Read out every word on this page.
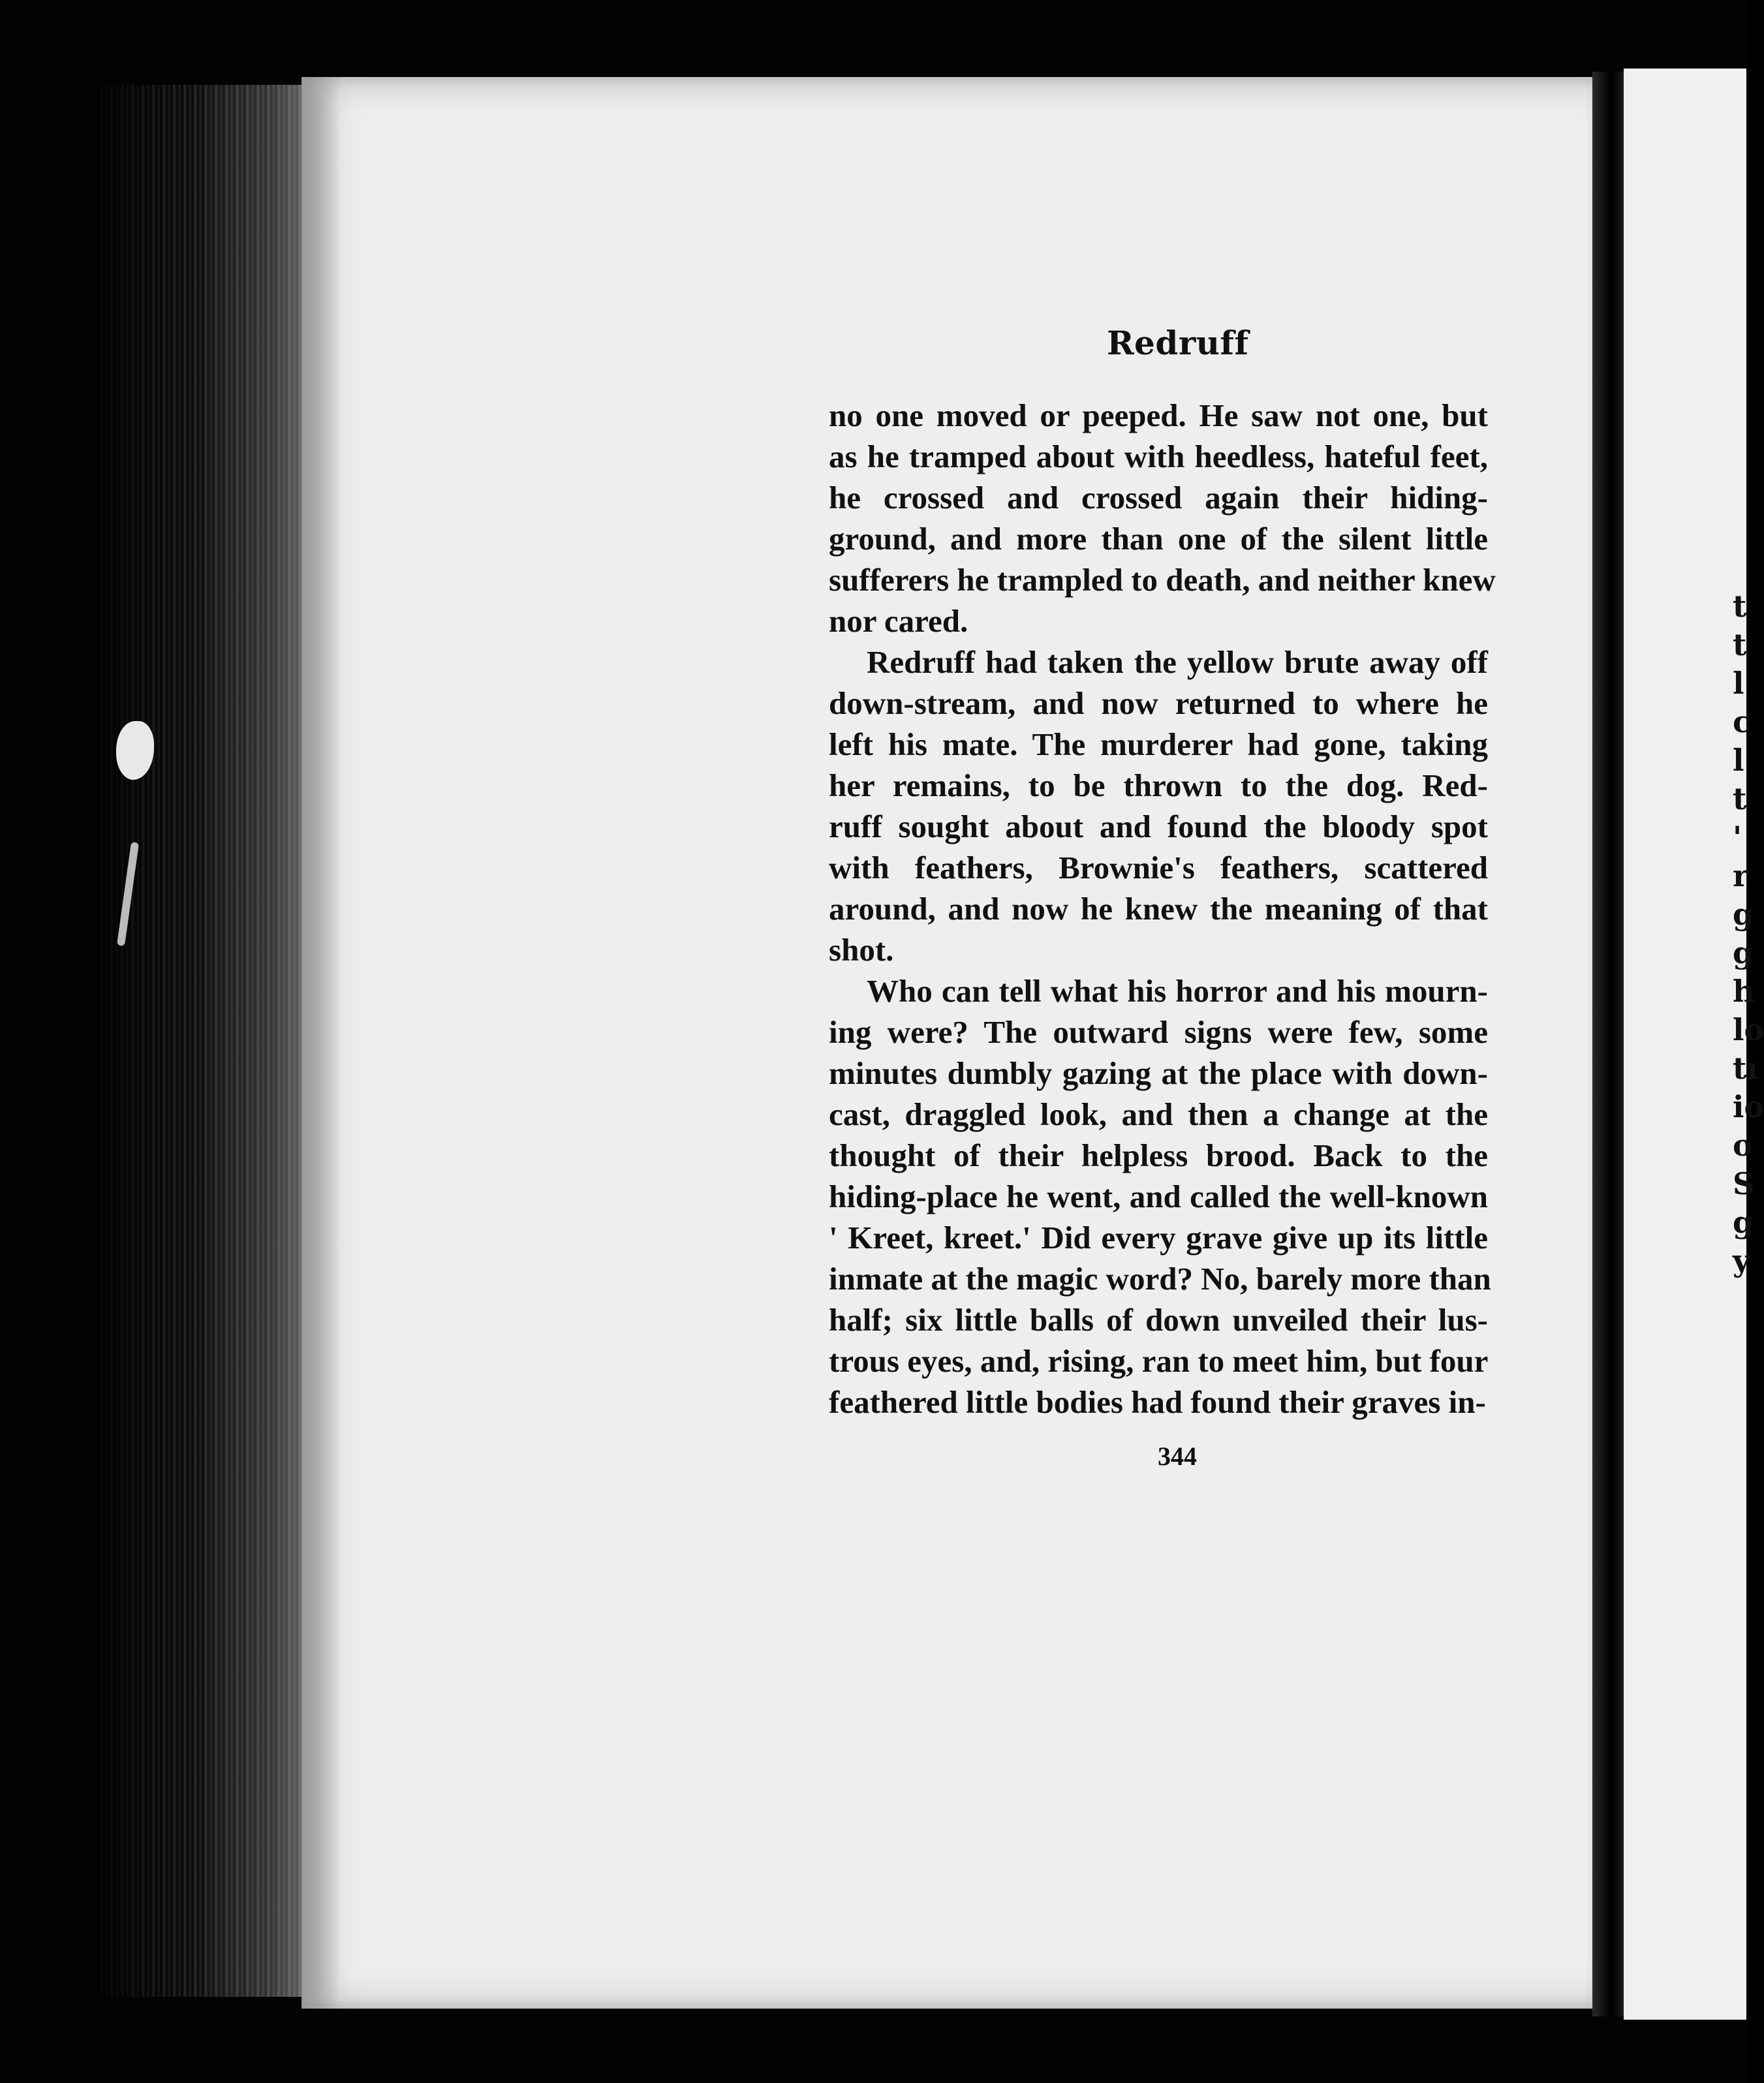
t
t
l
c
l
t
'
r
g
g
h
lo
tı
io
o
S
g
y
Redruff

no one moved or peeped. He saw not one, but
as he tramped about with heedless, hateful feet,
he crossed and crossed again their hiding-
ground, and more than one of the silent little
sufferers he trampled to death, and neither knew
nor cared.

Redruff had taken the yellow brute away off
down-stream, and now returned to where he
left his mate. The murderer had gone, taking
her remains, to be thrown to the dog. Red-
ruff sought about and found the bloody spot
with feathers, Brownie's feathers, scattered
around, and now he knew the meaning of that
shot.

Who can tell what his horror and his mourn-
ing were? The outward signs were few, some
minutes dumbly gazing at the place with down-
cast, draggled look, and then a change at the
thought of their helpless brood. Back to the
hiding-place he went, and called the well-known
' Kreet, kreet.' Did every grave give up its little
inmate at the magic word? No, barely more than
half; six little balls of down unveiled their lus-
trous eyes, and, rising, ran to meet him, but four
feathered little bodies had found their graves in-

344
